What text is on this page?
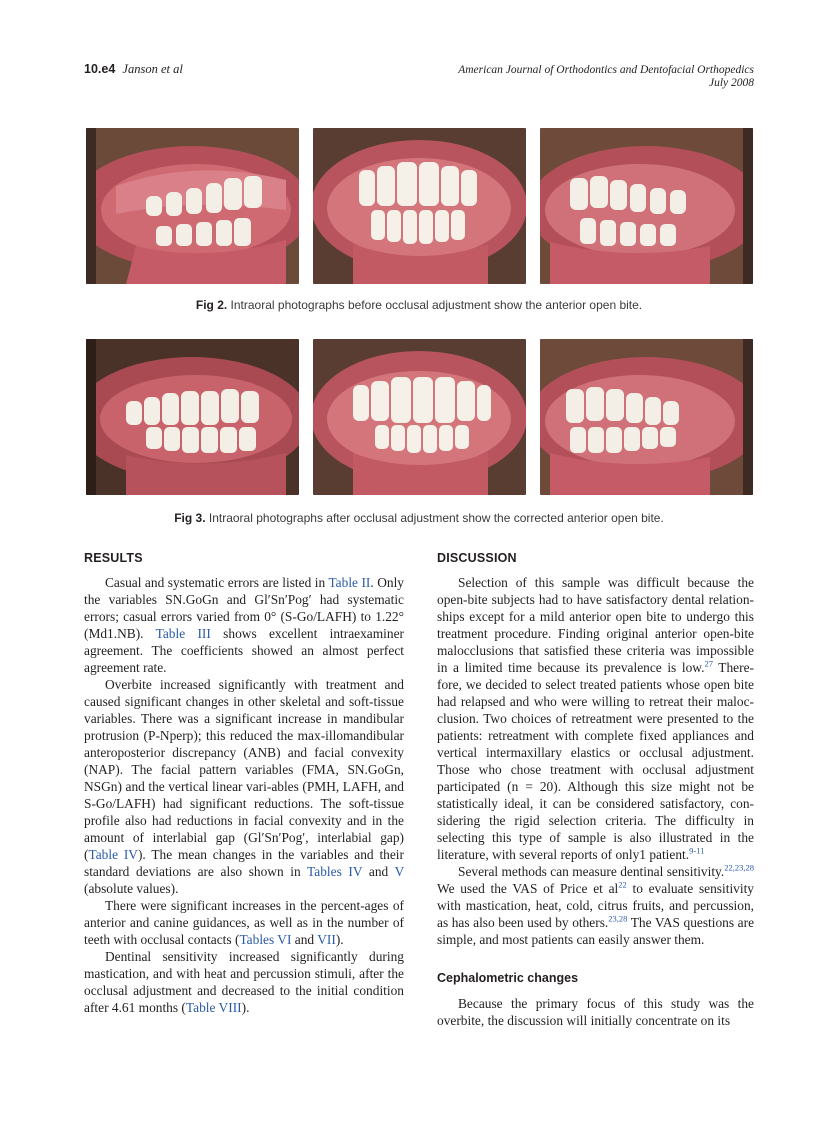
10.e4 Janson et al	American Journal of Orthodontics and Dentofacial Orthopedics
July 2008
Fig 2. Intraoral photographs before occlusal adjustment show the anterior open bite.
Fig 3. Intraoral photographs after occlusal adjustment show the corrected anterior open bite.
RESULTS

Casual and systematic errors are listed in Table II. Only the variables SN.GoGn and Gl′Sn′Pog′ had systematic errors; casual errors varied from 0° (S-Go/LAFH) to 1.22° (Md1.NB). Table III shows excellent intraexaminer agreement. The coefficients showed an almost perfect agreement rate.

Overbite increased significantly with treatment and caused significant changes in other skeletal and soft-tissue variables. There was a significant increase in mandibular protrusion (P-Nperp); this reduced the max-illomandibular anteroposterior discrepancy (ANB) and facial convexity (NAP). The facial pattern variables (FMA, SN.GoGn, NSGn) and the vertical linear vari-ables (PMH, LAFH, and S-Go/LAFH) had significant reductions. The soft-tissue profile also had reductions in facial convexity and in the amount of interlabial gap (Gl′Sn′Pog′, interlabial gap) (Table IV). The mean changes in the variables and their standard deviations are also shown in Tables IV and V (absolute values).

There were significant increases in the percent-ages of anterior and canine guidances, as well as in the number of teeth with occlusal contacts (Tables VI and VII).

Dentinal sensitivity increased significantly during mastication, and with heat and percussion stimuli, after the occlusal adjustment and decreased to the initial condition after 4.61 months (Table VIII).

DISCUSSION

Selection of this sample was difficult because the open-bite subjects had to have satisfactory dental relation-ships except for a mild anterior open bite to undergo this treatment procedure. Finding original anterior open-bite malocclusions that satisfied these criteria was impossible in a limited time because its prevalence is low.$^{27}$ There-fore, we decided to select treated patients whose open bite had relapsed and who were willing to retreat their maloc-clusion. Two choices of retreatment were presented to the patients: retreatment with complete fixed appliances and vertical intermaxillary elastics or occlusal adjustment. Those who chose treatment with occlusal adjustment participated (n = 20). Although this size might not be statistically ideal, it can be considered satisfactory, con-sidering the rigid selection criteria. The difficulty in selecting this type of sample is also illustrated in the literature, with several reports of only1 patient.$^{9-11}$

Several methods can measure dentinal sensitivity.$^{22,23,28}$ We used the VAS of Price et al$^{22}$ to evaluate sensitivity with mastication, heat, cold, citrus fruits, and percussion, as has also been used by others.$^{23,28}$ The VAS questions are simple, and most patients can easily answer them.

Cephalometric changes

Because the primary focus of this study was the overbite, the discussion will initially concentrate on its
